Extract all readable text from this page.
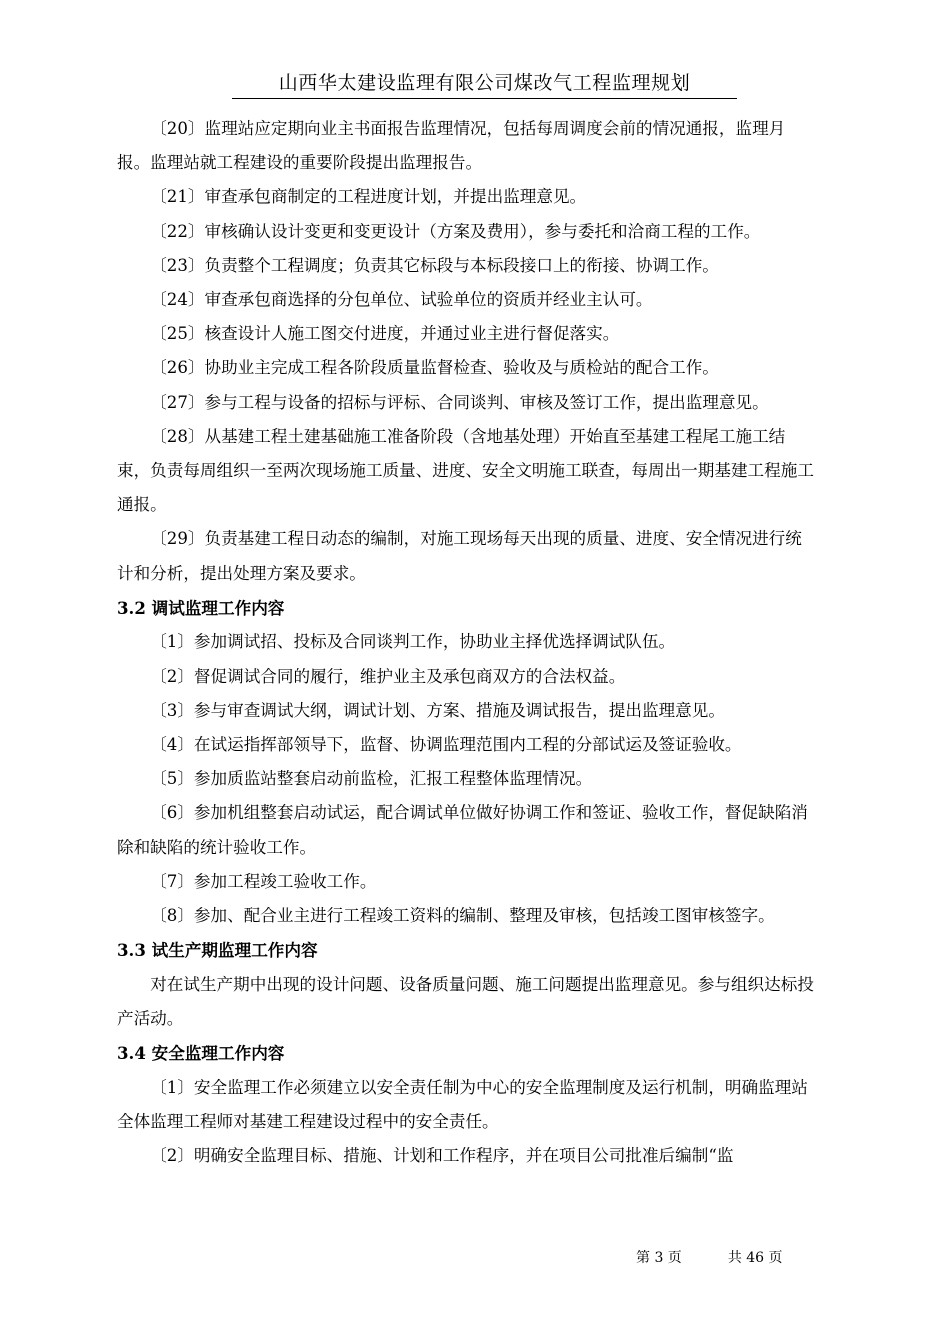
山西华太建设监理有限公司煤改气工程监理规划

〔20〕监理站应定期向业主书面报告监理情况，包括每周调度会前的情况通报，监理月报。监理站就工程建设的重要阶段提出监理报告。

〔21〕审查承包商制定的工程进度计划，并提出监理意见。

〔22〕审核确认设计变更和变更设计（方案及费用），参与委托和洽商工程的工作。

〔23〕负责整个工程调度；负责其它标段与本标段接口上的衔接、协调工作。

〔24〕审查承包商选择的分包单位、试验单位的资质并经业主认可。

〔25〕核查设计人施工图交付进度，并通过业主进行督促落实。

〔26〕协助业主完成工程各阶段质量监督检查、验收及与质检站的配合工作。

〔27〕参与工程与设备的招标与评标、合同谈判、审核及签订工作，提出监理意见。

〔28〕从基建工程土建基础施工准备阶段（含地基处理）开始直至基建工程尾工施工结束，负责每周组织一至两次现场施工质量、进度、安全文明施工联查，每周出一期基建工程施工通报。

〔29〕负责基建工程日动态的编制，对施工现场每天出现的质量、进度、安全情况进行统计和分析，提出处理方案及要求。

3.2 调试监理工作内容

〔1〕参加调试招、投标及合同谈判工作，协助业主择优选择调试队伍。

〔2〕督促调试合同的履行，维护业主及承包商双方的合法权益。

〔3〕参与审查调试大纲，调试计划、方案、措施及调试报告，提出监理意见。

〔4〕在试运指挥部领导下，监督、协调监理范围内工程的分部试运及签证验收。

〔5〕参加质监站整套启动前监检，汇报工程整体监理情况。

〔6〕参加机组整套启动试运，配合调试单位做好协调工作和签证、验收工作，督促缺陷消除和缺陷的统计验收工作。

〔7〕参加工程竣工验收工作。

〔8〕参加、配合业主进行工程竣工资料的编制、整理及审核，包括竣工图审核签字。

3.3 试生产期监理工作内容

对在试生产期中出现的设计问题、设备质量问题、施工问题提出监理意见。参与组织达标投产活动。

3.4 安全监理工作内容

〔1〕安全监理工作必须建立以安全责任制为中心的安全监理制度及运行机制，明确监理站全体监理工程师对基建工程建设过程中的安全责任。

〔2〕明确安全监理目标、措施、计划和工作程序，并在项目公司批准后编制“监

第 3 页	共 46 页
